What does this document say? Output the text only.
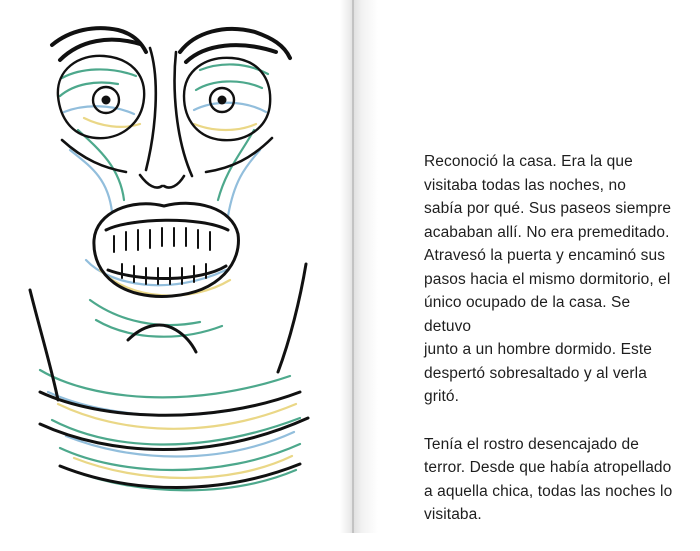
Reconoció la casa. Era la que
visitaba todas las noches, no
sabía por qué. Sus paseos siempre
acababan allí. No era premeditado.
Atravesó la puerta y encaminó sus
pasos hacia el mismo dormitorio, el
único ocupado de la casa. Se detuvo
junto a un hombre dormido. Este
despertó sobresaltado y al verla
gritó.

Tenía el rostro desencajado de
terror. Desde que había atropellado
a aquella chica, todas las noches lo
visitaba.
